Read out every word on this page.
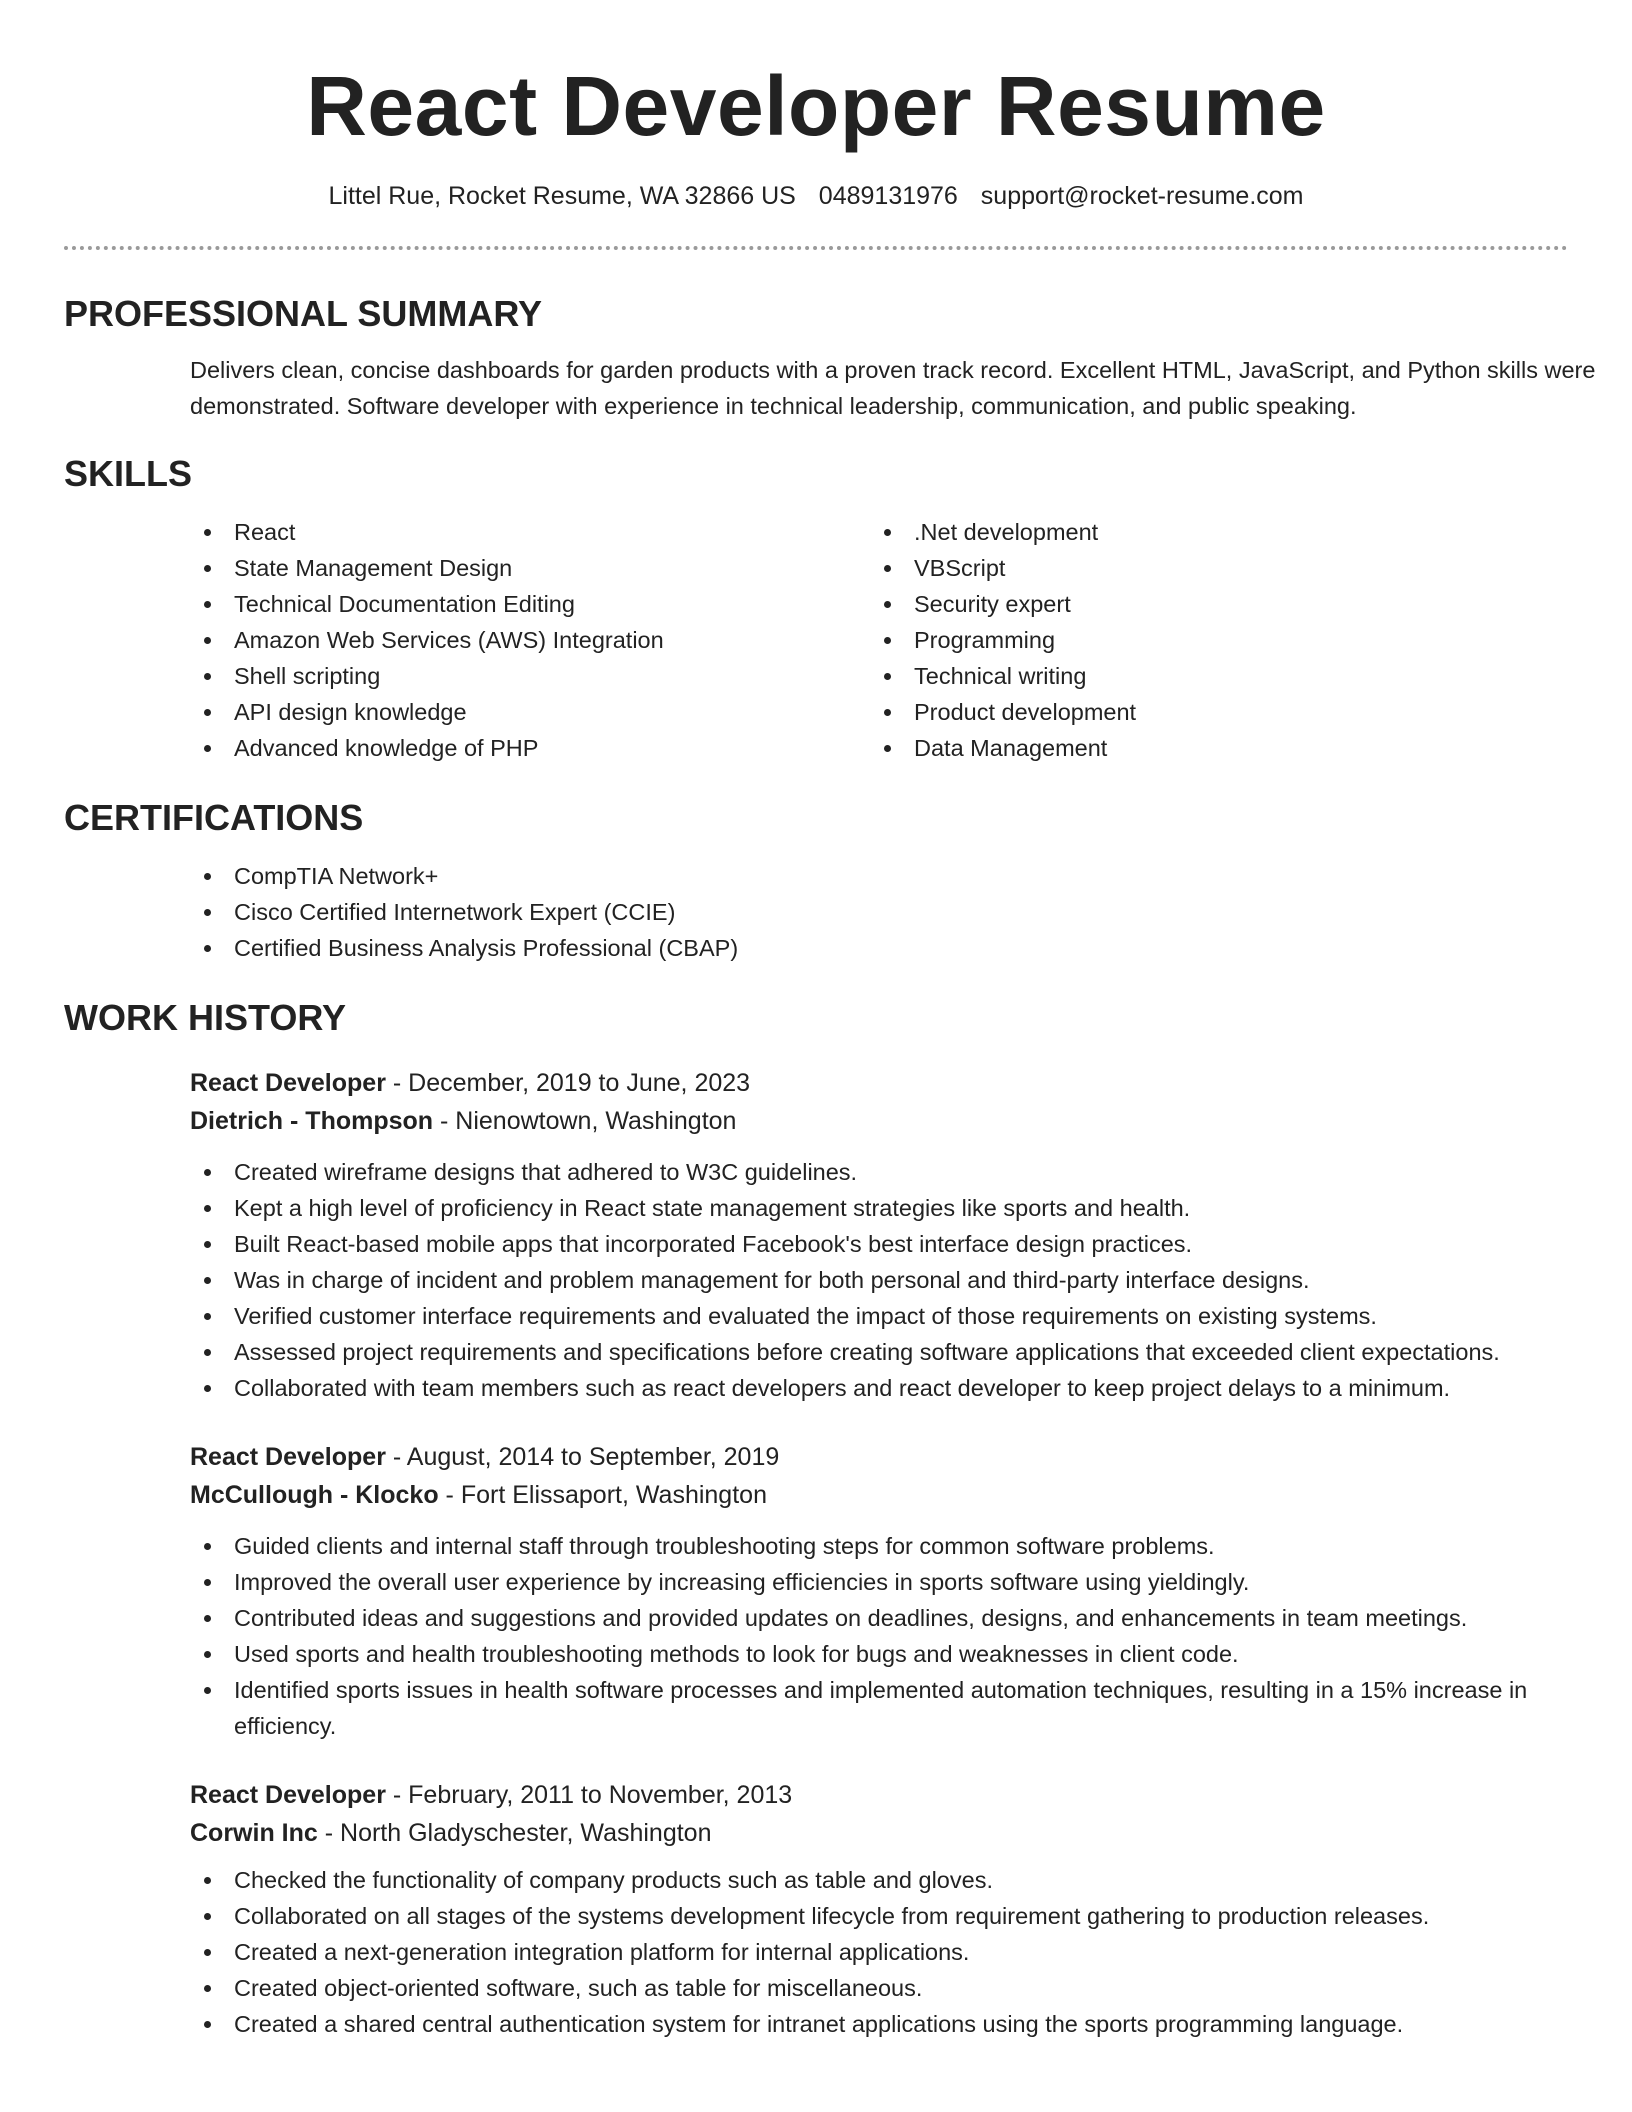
React Developer Resume
Littel Rue, Rocket Resume, WA 32866 US 0489131976 support@rocket-resume.com
PROFESSIONAL SUMMARY

Delivers clean, concise dashboards for garden products with a proven track record. Excellent HTML, JavaScript, and Python skills were demonstrated. Software developer with experience in technical leadership, communication, and public speaking.

SKILLS
React
State Management Design
Technical Documentation Editing
Amazon Web Services (AWS) Integration
Shell scripting
API design knowledge
Advanced knowledge of PHP
.Net development
VBScript
Security expert
Programming
Technical writing
Product development
Data Management
CERTIFICATIONS
CompTIA Network+
Cisco Certified Internetwork Expert (CCIE)
Certified Business Analysis Professional (CBAP)
WORK HISTORY
React Developer - December, 2019 to June, 2023
Dietrich - Thompson - Nienowtown, Washington
Created wireframe designs that adhered to W3C guidelines.
Kept a high level of proficiency in React state management strategies like sports and health.
Built React-based mobile apps that incorporated Facebook's best interface design practices.
Was in charge of incident and problem management for both personal and third-party interface designs.
Verified customer interface requirements and evaluated the impact of those requirements on existing systems.
Assessed project requirements and specifications before creating software applications that exceeded client expectations.
Collaborated with team members such as react developers and react developer to keep project delays to a minimum.
React Developer - August, 2014 to September, 2019
McCullough - Klocko - Fort Elissaport, Washington
Guided clients and internal staff through troubleshooting steps for common software problems.
Improved the overall user experience by increasing efficiencies in sports software using yieldingly.
Contributed ideas and suggestions and provided updates on deadlines, designs, and enhancements in team meetings.
Used sports and health troubleshooting methods to look for bugs and weaknesses in client code.
Identified sports issues in health software processes and implemented automation techniques, resulting in a 15% increase in efficiency.
React Developer - February, 2011 to November, 2013
Corwin Inc - North Gladyschester, Washington
Checked the functionality of company products such as table and gloves.
Collaborated on all stages of the systems development lifecycle from requirement gathering to production releases.
Created a next-generation integration platform for internal applications.
Created object-oriented software, such as table for miscellaneous.
Created a shared central authentication system for intranet applications using the sports programming language.
